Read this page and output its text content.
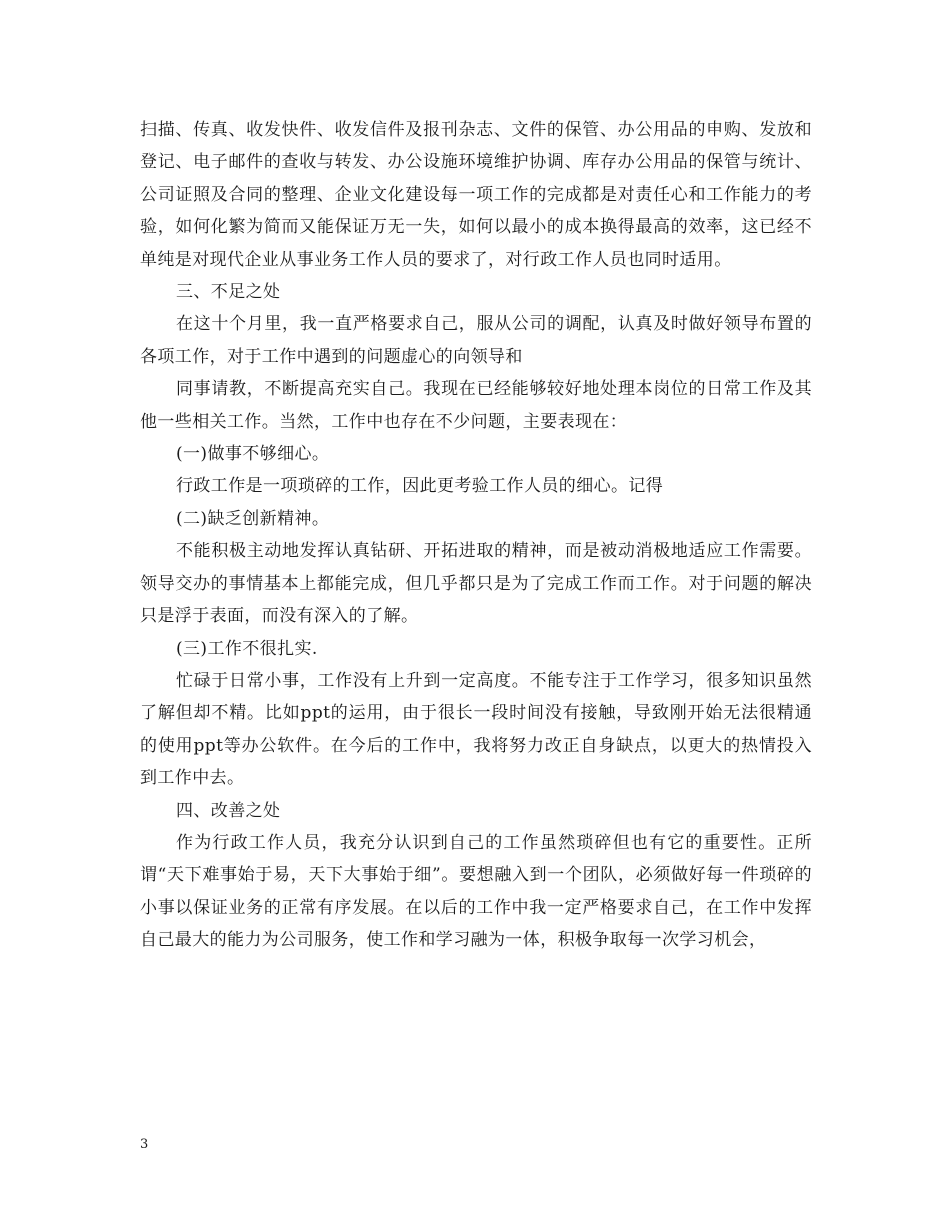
扫描、传真、收发快件、收发信件及报刊杂志、文件的保管、办公用品的申购、发放和登记、电子邮件的查收与转发、办公设施环境维护协调、库存办公用品的保管与统计、公司证照及合同的整理、企业文化建设每一项工作的完成都是对责任心和工作能力的考验，如何化繁为简而又能保证万无一失，如何以最小的成本换得最高的效率，这已经不单纯是对现代企业从事业务工作人员的要求了，对行政工作人员也同时适用。

三、不足之处

在这十个月里，我一直严格要求自己，服从公司的调配，认真及时做好领导布置的各项工作，对于工作中遇到的问题虚心的向领导和

同事请教，不断提高充实自己。我现在已经能够较好地处理本岗位的日常工作及其他一些相关工作。当然，工作中也存在不少问题，主要表现在：

(一)做事不够细心。

行政工作是一项琐碎的工作，因此更考验工作人员的细心。记得

(二)缺乏创新精神。

不能积极主动地发挥认真钻研、开拓进取的精神，而是被动消极地适应工作需要。领导交办的事情基本上都能完成，但几乎都只是为了完成工作而工作。对于问题的解决只是浮于表面，而没有深入的了解。

(三)工作不很扎实.

忙碌于日常小事，工作没有上升到一定高度。不能专注于工作学习，很多知识虽然了解但却不精。比如ppt的运用，由于很长一段时间没有接触，导致刚开始无法很精通的使用ppt等办公软件。在今后的工作中，我将努力改正自身缺点，以更大的热情投入到工作中去。

四、改善之处

作为行政工作人员，我充分认识到自己的工作虽然琐碎但也有它的重要性。正所谓“天下难事始于易，天下大事始于细”。要想融入到一个团队，必须做好每一件琐碎的小事以保证业务的正常有序发展。在以后的工作中我一定严格要求自己，在工作中发挥自己最大的能力为公司服务，使工作和学习融为一体，积极争取每一次学习机会，

3
